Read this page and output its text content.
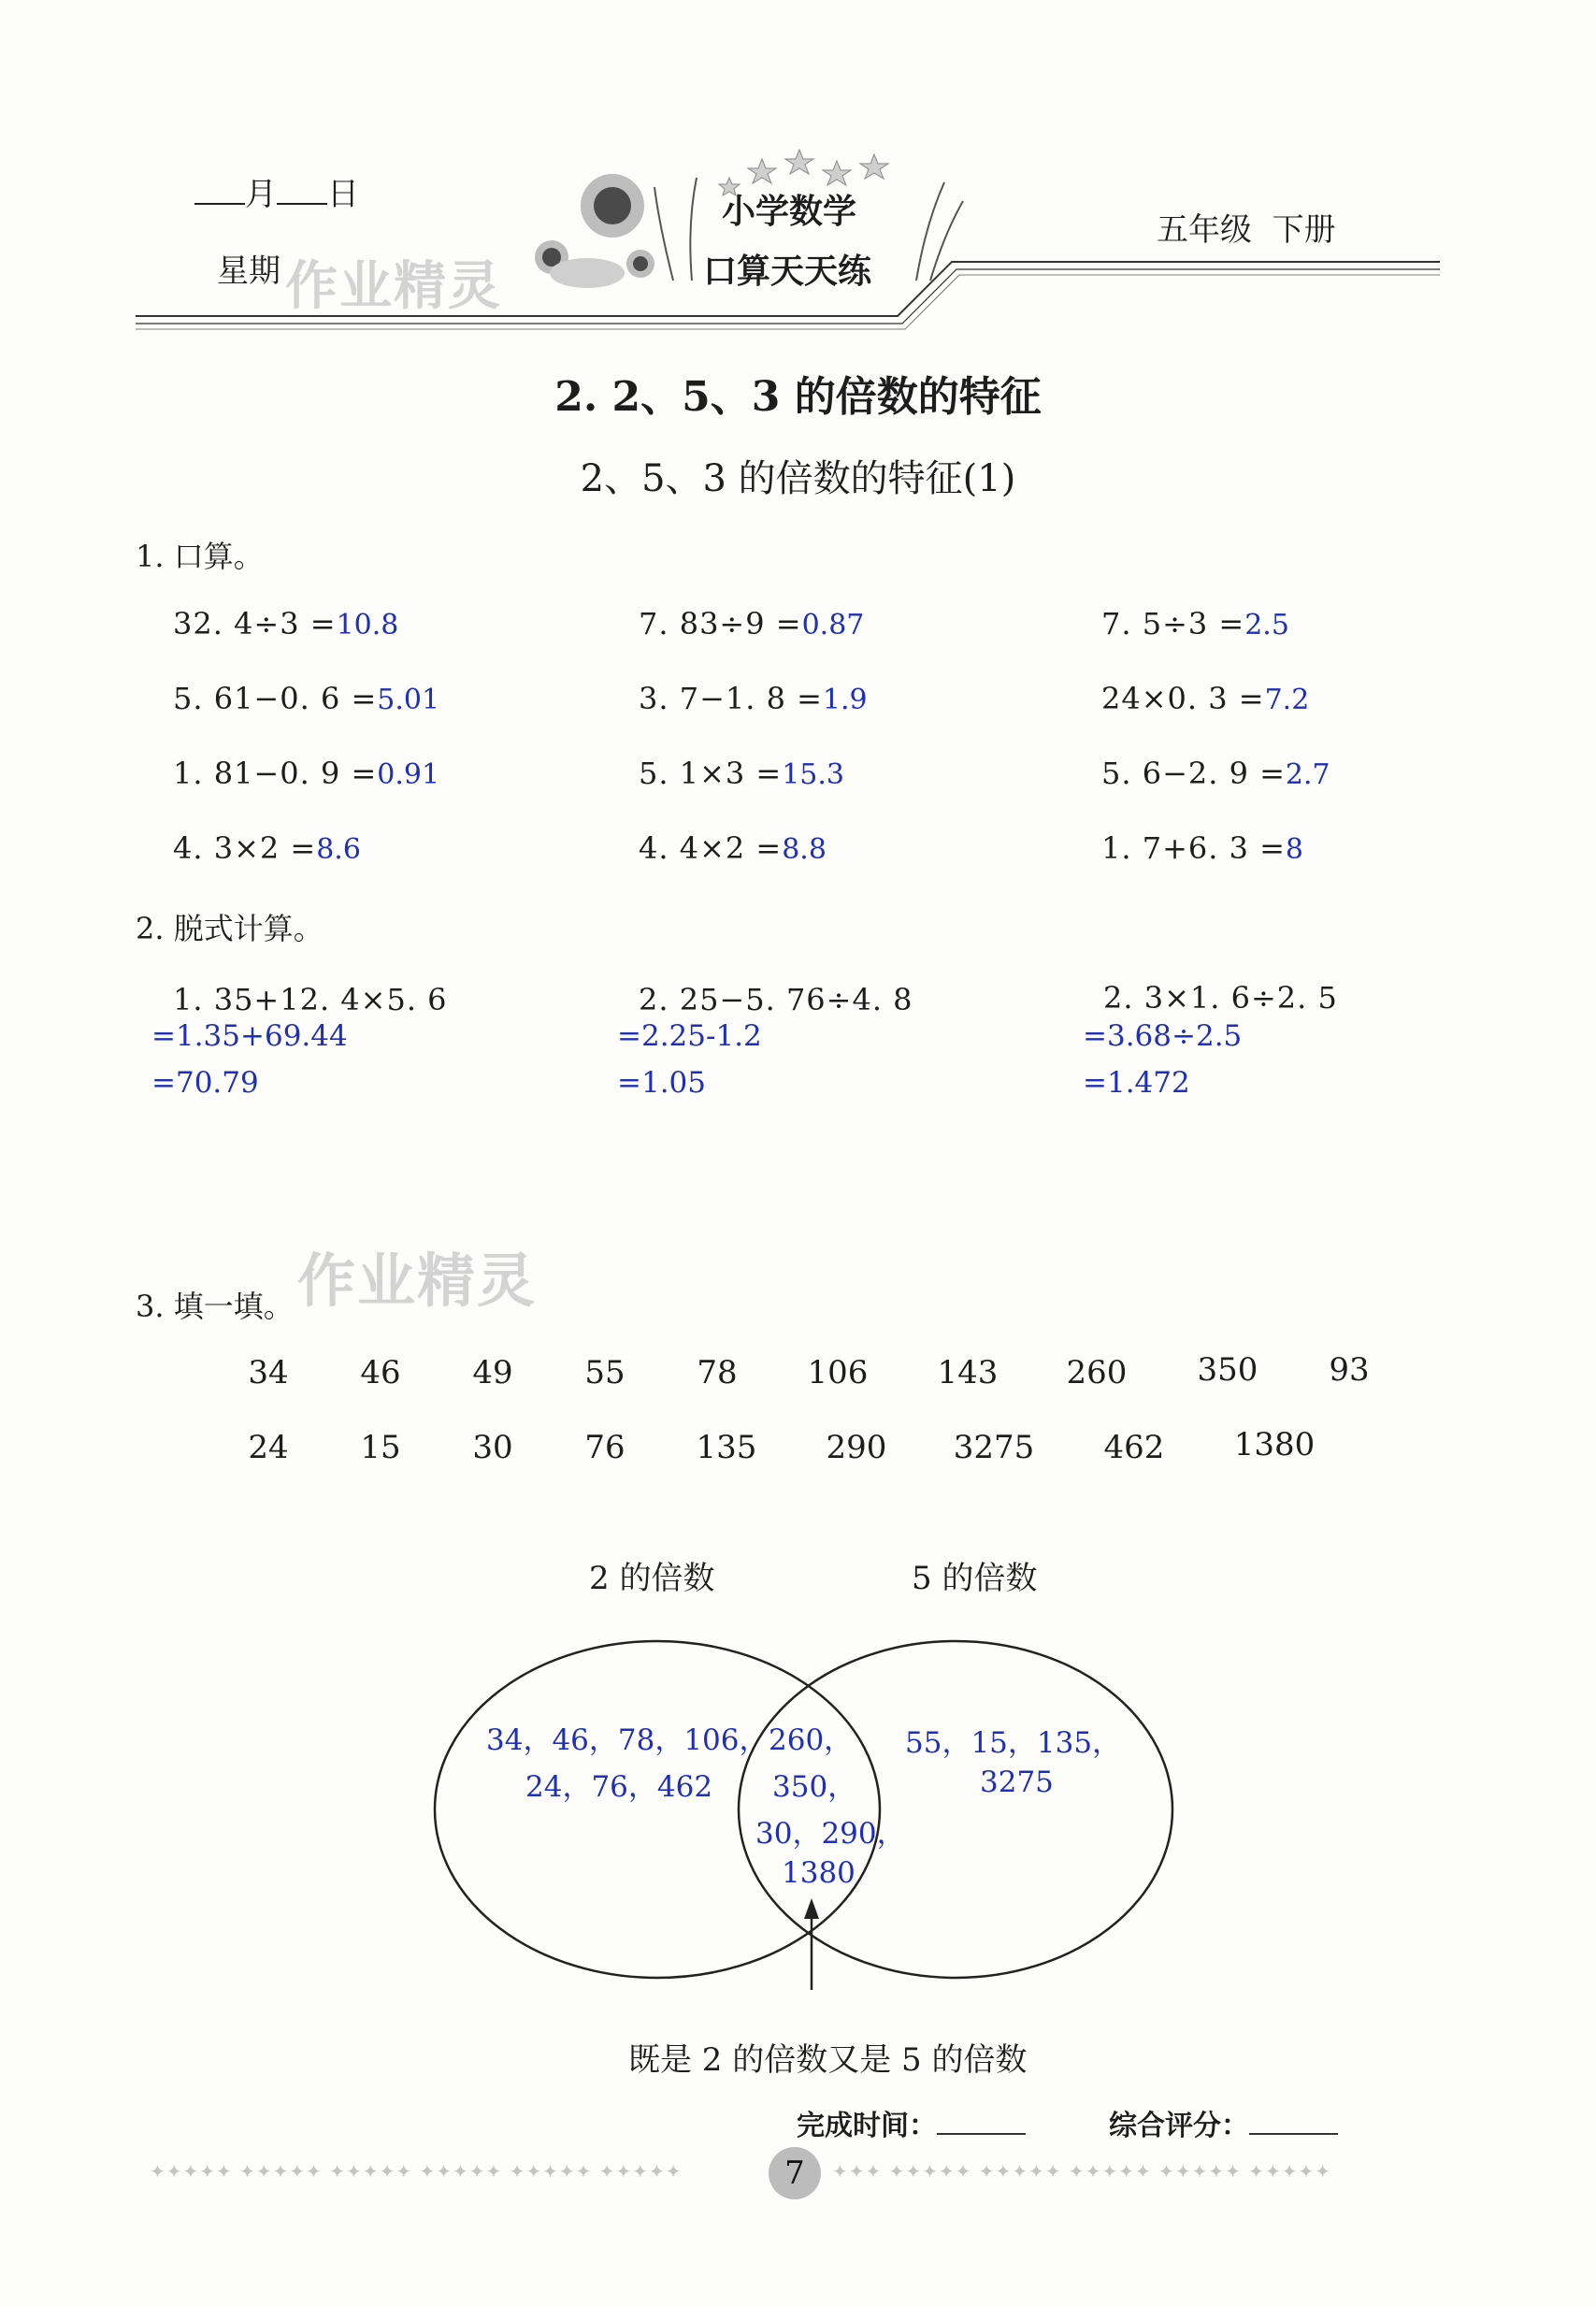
月 日
星期 作业精灵
小学数学
口算天天练
五年级  下册
2. 2、5、3 的倍数的特征
2、5、3 的倍数的特征(1)
1. 口算。
32. 4÷3 =10.8	7. 83÷9 =0.87	7. 5÷3 =2.5
5. 61−0. 6 =5.01	3. 7−1. 8 =1.9	24×0. 3 =7.2
1. 81−0. 9 =0.91	5. 1×3 =15.3	5. 6−2. 9 =2.7
4. 3×2 =8.6	4. 4×2 =8.8	1. 7+6. 3 =8
2. 脱式计算。
1. 35+12. 4×5. 6
=1.35+69.44
=70.79
2. 25−5. 76÷4. 8
=2.25-1.2
=1.05
2. 3×1. 6÷2. 5
=3.68÷2.5
=1.472
作业精灵
3. 填一填。
34	46	49	55	78	106	143	260	350	93
24	15	30	76	135	290	3275	462	1380
2 的倍数	5 的倍数
34，46，78，106，
24，76，462
260，
350，
30，290，
1380
55，15，135，
3275
既是 2 的倍数又是 5 的倍数
完成时间：	综合评分：
✦✦✦✦✦ ✦✦✦✦✦ ✦✦✦✦✦ ✦✦✦✦✦ ✦✦✦✦✦ ✦✦✦✦✦	7	✦✦✦ ✦✦✦✦✦ ✦✦✦✦✦ ✦✦✦✦✦ ✦✦✦✦✦ ✦✦✦✦✦
